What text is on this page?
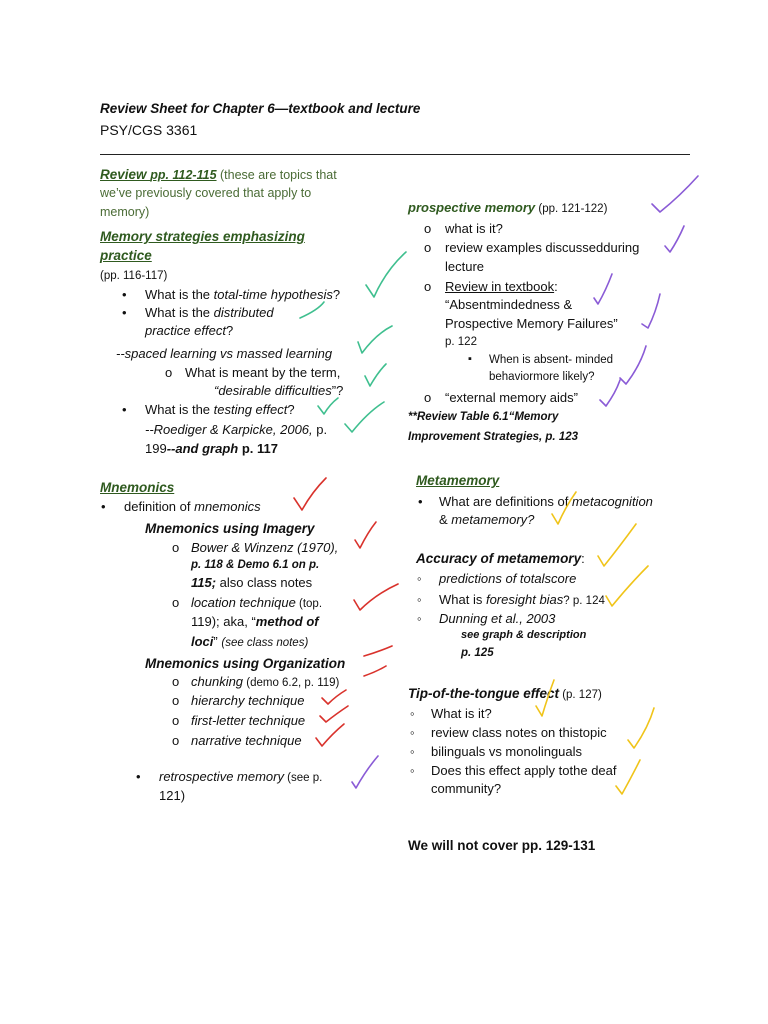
Review Sheet for Chapter 6—textbook and lecture
PSY/CGS 3361
Review pp. 112-115 (these are topics that
we’ve previously covered that apply to
memory)
Memory strategies emphasizing
practice
(pp. 116-117)
• What is the total-time hypothesis?
• What is the distributed
practice effect?
--spaced learning vs massed learning
o What is meant by the term,
“desirable difficulties”?
• What is the testing effect?
--Roediger & Karpicke, 2006, p.
199--and graph p. 117
Mnemonics
• definition of mnemonics
Mnemonics using Imagery
o Bower & Winzenz (1970),
p. 118 & Demo 6.1 on p.
115; also class notes
o location technique (top.
119); aka, “method of
loci” (see class notes)
Mnemonics using Organization
o chunking (demo 6.2, p. 119)
o hierarchy technique
o first-letter technique
o narrative technique
• retrospective memory (see p.
121)
prospective memory (pp. 121-122)
o what is it?
o review examples discussedduring
lecture
o Review in textbook:
“Absentmindedness &
Prospective Memory Failures”
p. 122
▪ When is absent- minded
behaviormore likely?
o “external memory aids”
**Review Table 6.1“Memory
Improvement Strategies, p. 123
Metamemory
• What are definitions of metacognition
& metamemory?
Accuracy of metamemory:
◦ predictions of totalscore
◦ What is foresight bias? p. 124
◦ Dunning et al., 2003
see graph & description
p. 125
Tip-of-the-tongue effect (p. 127)
◦ What is it?
◦ review class notes on thistopic
◦ bilinguals vs monolinguals
◦ Does this effect apply tothe deaf
community?
We will not cover pp. 129-131
